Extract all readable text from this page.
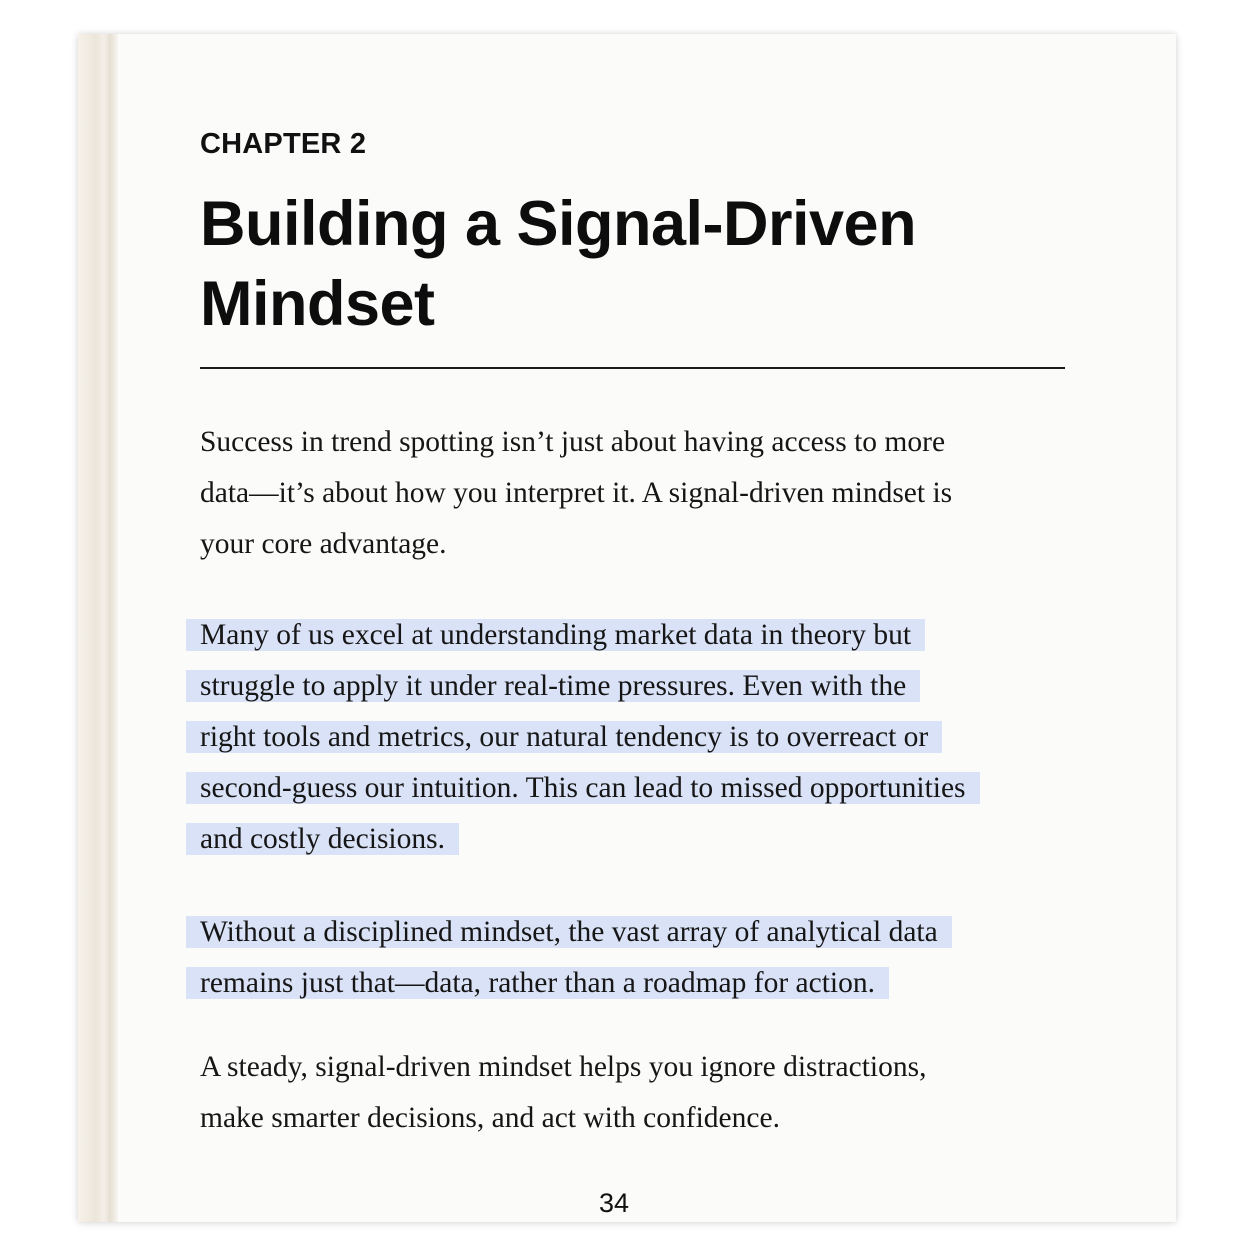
CHAPTER 2
Building a Signal-Driven
Mindset

Success in trend spotting isn’t just about having access to more
data—it’s about how you interpret it. A signal-driven mindset is
your core advantage.

Many of us excel at understanding market data in theory but
struggle to apply it under real-time pressures. Even with the
right tools and metrics, our natural tendency is to overreact or
second-guess our intuition. This can lead to missed opportunities
and costly decisions.

Without a disciplined mindset, the vast array of analytical data
remains just that—data, rather than a roadmap for action.

A steady, signal-driven mindset helps you ignore distractions,
make smarter decisions, and act with confidence.

34
